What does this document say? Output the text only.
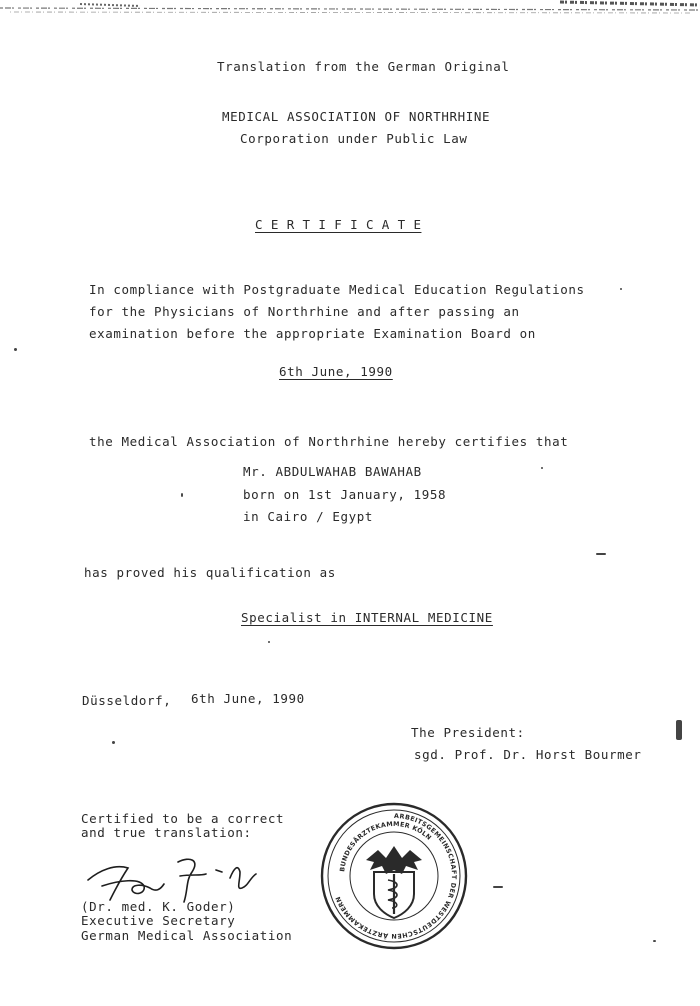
Translation from the German Original
MEDICAL ASSOCIATION OF NORTHRHINE
Corporation under Public Law
C E R T I F I C A T E
In compliance with Postgraduate Medical Education Regulations
for the Physicians of Northrhine and after passing an
examination before the appropriate Examination Board on
6th June, 1990
the Medical Association of Northrhine hereby certifies that
Mr. ABDULWAHAB BAWAHAB
born on 1st January, 1958
in Cairo / Egypt
has proved his qualification as
Specialist in INTERNAL MEDICINE
Düsseldorf, 6th June, 1990
The President:
sgd. Prof. Dr. Horst Bourmer
Certified to be a correct
and true translation:
(Dr. med. K. Goder)
Executive Secretary
German Medical Association
ARBEITSGEMEINSCHAFT DER WESTDEUTSCHEN ÄRZTEKAMMERN
BUNDESÄRZTEKAMMER KÖLN
